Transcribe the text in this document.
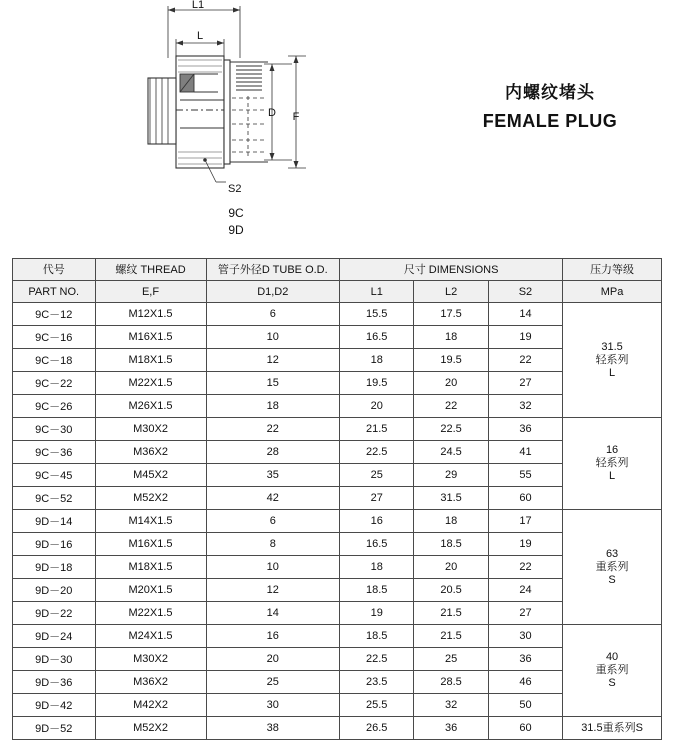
L1
L
D F
S2
内螺纹堵头
FEMALE PLUG
9C
9D
代号	螺纹 THREAD	管子外径D TUBE O.D.	尺寸 DIMENSIONS			压力等级
PART NO.	E,F	D1,D2	L1	L2	S2	MPa
9C－12	M12X1.5	6	15.5	17.5	14	31.5
轻系列
L
9C－16	M16X1.5	10	16.5	18	19	
9C－18	M18X1.5	12	18	19.5	22	
9C－22	M22X1.5	15	19.5	20	27	
9C－26	M26X1.5	18	20	22	32	
9C－30	M30X2	22	21.5	22.5	36	16
轻系列
L
9C－36	M36X2	28	22.5	24.5	41	
9C－45	M45X2	35	25	29	55	
9C－52	M52X2	42	27	31.5	60	
9D－14	M14X1.5	6	16	18	17	63
重系列
S
9D－16	M16X1.5	8	16.5	18.5	19	
9D－18	M18X1.5	10	18	20	22	
9D－20	M20X1.5	12	18.5	20.5	24	
9D－22	M22X1.5	14	19	21.5	27	
9D－24	M24X1.5	16	18.5	21.5	30	40
重系列
S
9D－30	M30X2	20	22.5	25	36	
9D－36	M36X2	25	23.5	28.5	46	
9D－42	M42X2	30	25.5	32	50	
9D－52	M52X2	38	26.5	36	60	31.5重系列S
